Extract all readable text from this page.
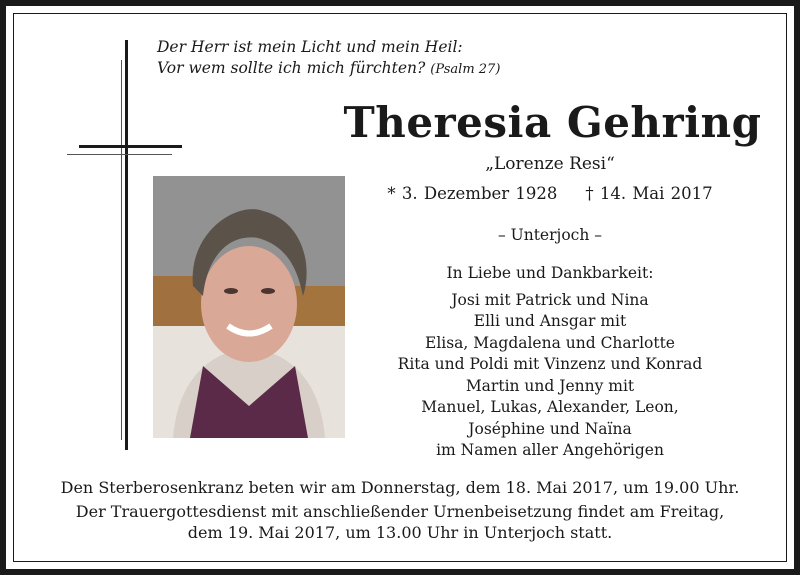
Der Herr ist mein Licht und mein Heil:
Vor wem sollte ich mich fürchten? (Psalm 27)
Theresia Gehring
„Lorenze Resi“
* 3. Dezember 1928 † 14. Mai 2017
– Unterjoch –
In Liebe und Dankbarkeit:
Josi mit Patrick und Nina
Elli und Ansgar mit
Elisa, Magdalena und Charlotte
Rita und Poldi mit Vinzenz und Konrad
Martin und Jenny mit
Manuel, Lukas, Alexander, Leon,
Joséphine und Naïna
im Namen aller Angehörigen

Den Sterberosenkranz beten wir am Donnerstag, dem 18. Mai 2017, um 19.00 Uhr.

Der Trauergottesdienst mit anschließender Urnenbeisetzung findet am Freitag,
dem 19. Mai 2017, um 13.00 Uhr in Unterjoch statt.
